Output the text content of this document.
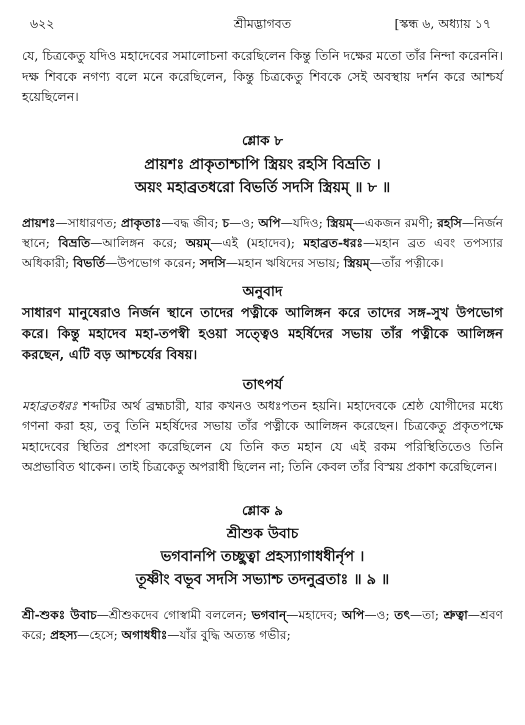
৬২২	শ্রীমদ্ভাগবত	[স্কন্ধ ৬, অধ্যায় ১৭

যে, চিত্রকেতু যদিও মহাদেবের সমালোচনা করেছিলেন কিন্তু তিনি দক্ষের মতো তাঁর নিন্দা করেননি। দক্ষ শিবকে নগণ্য বলে মনে করেছিলেন, কিন্তু চিত্রকেতু শিবকে সেই অবস্থায় দর্শন করে আশ্চর্য হয়েছিলেন।

শ্লোক ৮
প্রায়শঃ প্রাকৃতাশ্চাপি স্ত্রিয়ং রহসি বিভ্রতি ।
অয়ং মহাব্রতধরো বিভর্তি সদসি স্ত্রিয়ম্‌ ॥ ৮ ॥
প্রায়শঃ—সাধারণত; প্রাকৃতাঃ—বদ্ধ জীব; চ—ও; অপি—যদিও; স্ত্রিয়ম্‌—একজন রমণী; রহসি—নির্জন স্থানে; বিভ্রতি—আলিঙ্গন করে; অয়ম্‌—এই (মহাদেব); মহাব্রত-ধরঃ—মহান ব্রত এবং তপস্যার অধিকারী; বিভর্তি—উপভোগ করেন; সদসি—মহান ঋষিদের সভায়; স্ত্রিয়ম্‌—তাঁর পত্নীকে।
অনুবাদ
সাধারণ মানুষেরাও নির্জন স্থানে তাদের পত্নীকে আলিঙ্গন করে তাদের সঙ্গ-সুখ উপভোগ করে। কিন্তু মহাদেব মহা-তপস্বী হওয়া সত্ত্বেও মহর্ষিদের সভায় তাঁর পত্নীকে আলিঙ্গন করছেন, এটি বড় আশ্চর্যের বিষয়।
তাৎপর্য
মহাব্রতধরঃ শব্দটির অর্থ ব্রহ্মচারী, যার কখনও অধঃপতন হয়নি। মহাদেবকে শ্রেষ্ঠ যোগীদের মধ্যে গণনা করা হয়, তবু তিনি মহর্ষিদের সভায় তাঁর পত্নীকে আলিঙ্গন করেছেন। চিত্রকেতু প্রকৃতপক্ষে মহাদেবের স্থিতির প্রশংসা করেছিলেন যে তিনি কত মহান যে এই রকম পরিস্থিতিতেও তিনি অপ্রভাবিত থাকেন। তাই চিত্রকেতু অপরাধী ছিলেন না; তিনি কেবল তাঁর বিস্ময় প্রকাশ করেছিলেন।
শ্লোক ৯
শ্রীশুক উবাচ
ভগবানপি তচ্ছুত্বা প্রহস্যাগাধধীর্নৃপ ।
তূষ্ণীং বভূব সদসি সভ্যাশ্চ তদনুব্রতাঃ ॥ ৯ ॥
শ্রী-শুকঃ উবাচ—শ্রীশুকদেব গোস্বামী বললেন; ভগবান্‌—মহাদেব; অপি—ও; তৎ—তা; শ্রুত্বা—শ্রবণ করে; প্রহস্য—হেসে; অগাধধীঃ—যাঁর বুদ্ধি অত্যন্ত গভীর;
